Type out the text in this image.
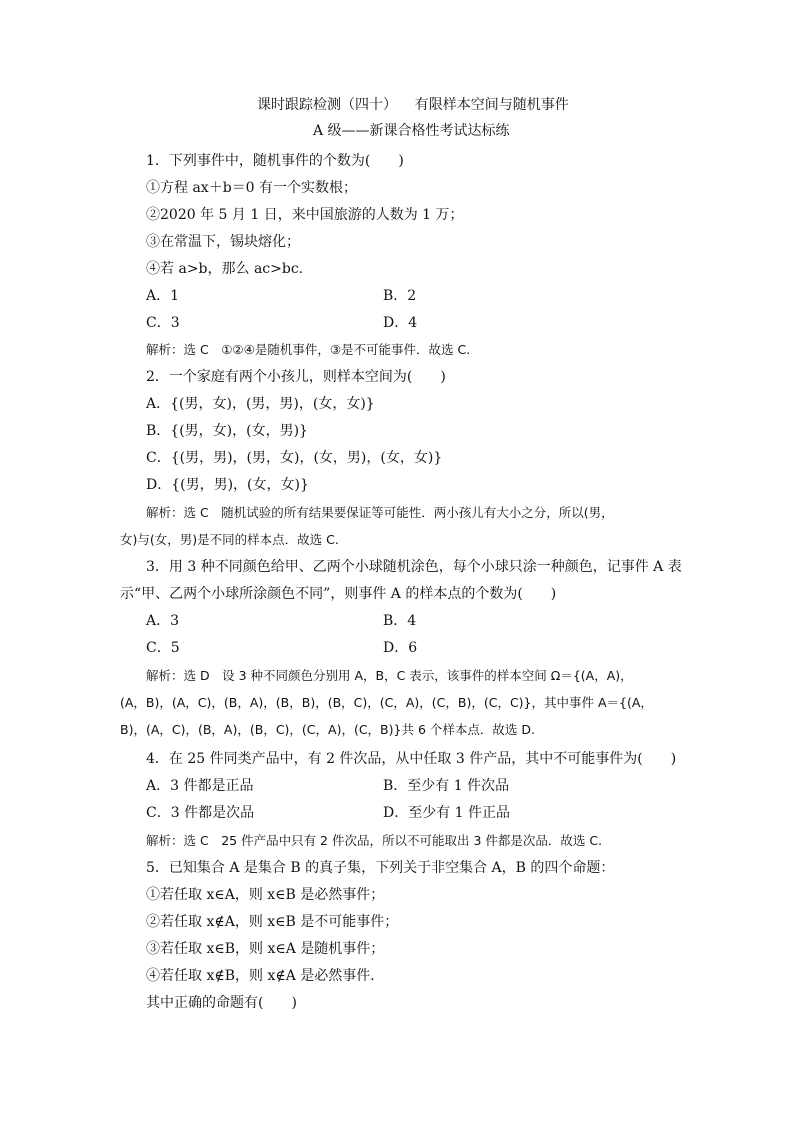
课时跟踪检测（四十）    有限样本空间与随机事件
A 级——新课合格性考试达标练
1．下列事件中，随机事件的个数为(　　)
①方程 ax＋b＝0 有一个实数根；
②2020 年 5 月 1 日，来中国旅游的人数为 1 万；
③在常温下，锡块熔化；
④若 a>b，那么 ac>bc.
A．1	B．2
C．3	D．4
解析：选 C　①②④是随机事件，③是不可能事件．故选 C.
2．一个家庭有两个小孩儿，则样本空间为(　　)
A．{(男，女)，(男，男)，(女，女)}
B．{(男，女)，(女，男)}
C．{(男，男)，(男，女)，(女，男)，(女，女)}
D．{(男，男)，(女，女)}
解析：选 C　随机试验的所有结果要保证等可能性．两小孩儿有大小之分，所以(男，
女)与(女，男)是不同的样本点．故选 C.
3．用 3 种不同颜色给甲、乙两个小球随机涂色，每个小球只涂一种颜色，记事件 A 表
示“甲、乙两个小球所涂颜色不同”，则事件 A 的样本点的个数为(　　)
A．3	B．4
C．5	D．6
解析：选 D　设 3 种不同颜色分别用 A，B，C 表示，该事件的样本空间 Ω＝{(A，A)，
(A，B)，(A，C)，(B，A)，(B，B)，(B，C)，(C，A)，(C，B)，(C，C)}，其中事件 A＝{(A，
B)，(A，C)，(B，A)，(B，C)，(C，A)，(C，B)}共 6 个样本点．故选 D.
4．在 25 件同类产品中，有 2 件次品，从中任取 3 件产品，其中不可能事件为(　　)
A．3 件都是正品	B．至少有 1 件次品
C．3 件都是次品	D．至少有 1 件正品
解析：选 C　25 件产品中只有 2 件次品，所以不可能取出 3 件都是次品．故选 C.
5．已知集合 A 是集合 B 的真子集，下列关于非空集合 A，B 的四个命题：
①若任取 x∈A，则 x∈B 是必然事件；
②若任取 x∉A，则 x∈B 是不可能事件；
③若任取 x∈B，则 x∈A 是随机事件；
④若任取 x∉B，则 x∉A 是必然事件．
其中正确的命题有(　　)
